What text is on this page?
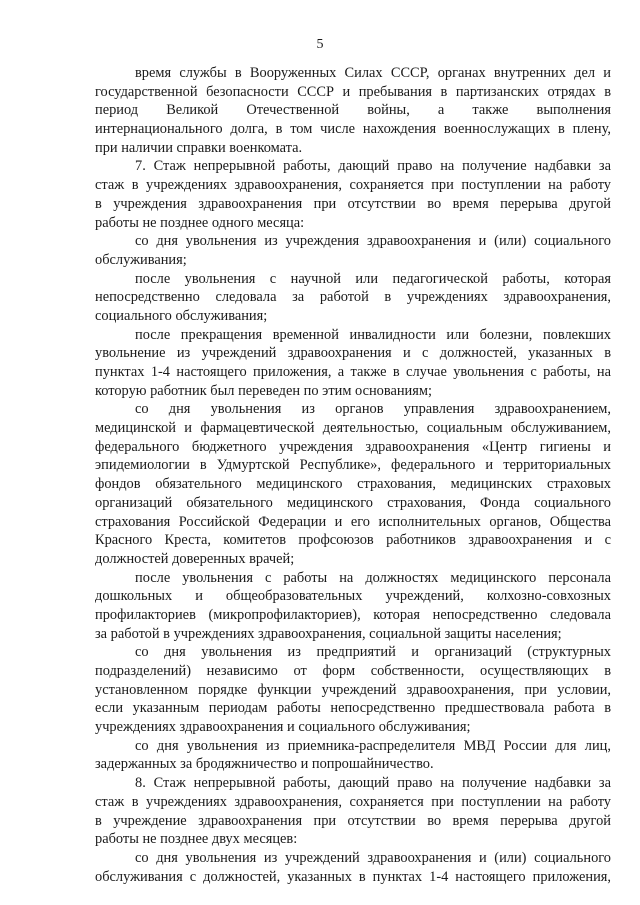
5
время службы в Вооруженных Силах СССР, органах внутренних дел и
государственной безопасности СССР и пребывания в партизанских отрядах в
период Великой Отечественной войны, а также выполнения
интернационального долга, в том числе нахождения военнослужащих в плену,
при наличии справки военкомата.
7. Стаж непрерывной работы, дающий право на получение надбавки за
стаж в учреждениях здравоохранения, сохраняется при поступлении на работу
в учреждения здравоохранения при отсутствии во время перерыва другой
работы не позднее одного месяца:
со дня увольнения из учреждения здравоохранения и (или) социального
обслуживания;
после увольнения с научной или педагогической работы, которая
непосредственно следовала за работой в учреждениях здравоохранения,
социального обслуживания;
после прекращения временной инвалидности или болезни, повлекших
увольнение из учреждений здравоохранения и с должностей, указанных в
пунктах 1-4 настоящего приложения, а также в случае увольнения с работы, на
которую работник был переведен по этим основаниям;
со дня увольнения из органов управления здравоохранением,
медицинской и фармацевтической деятельностью, социальным обслуживанием,
федерального бюджетного учреждения здравоохранения «Центр гигиены и
эпидемиологии в Удмуртской Республике», федерального и территориальных
фондов обязательного медицинского страхования, медицинских страховых
организаций обязательного медицинского страхования, Фонда социального
страхования Российской Федерации и его исполнительных органов, Общества
Красного Креста, комитетов профсоюзов работников здравоохранения и с
должностей доверенных врачей;
после увольнения с работы на должностях медицинского персонала
дошкольных и общеобразовательных учреждений, колхозно-совхозных
профилакториев (микропрофилакториев), которая непосредственно следовала
за работой в учреждениях здравоохранения, социальной защиты населения;
со дня увольнения из предприятий и организаций (структурных
подразделений) независимо от форм собственности, осуществляющих в
установленном порядке функции учреждений здравоохранения, при условии,
если указанным периодам работы непосредственно предшествовала работа в
учреждениях здравоохранения и социального обслуживания;
со дня увольнения из приемника-распределителя МВД России для лиц,
задержанных за бродяжничество и попрошайничество.
8. Стаж непрерывной работы, дающий право на получение надбавки за
стаж в учреждениях здравоохранения, сохраняется при поступлении на работу
в учреждение здравоохранения при отсутствии во время перерыва другой
работы не позднее двух месяцев:
со дня увольнения из учреждений здравоохранения и (или) социального
обслуживания с должностей, указанных в пунктах 1-4 настоящего приложения,
